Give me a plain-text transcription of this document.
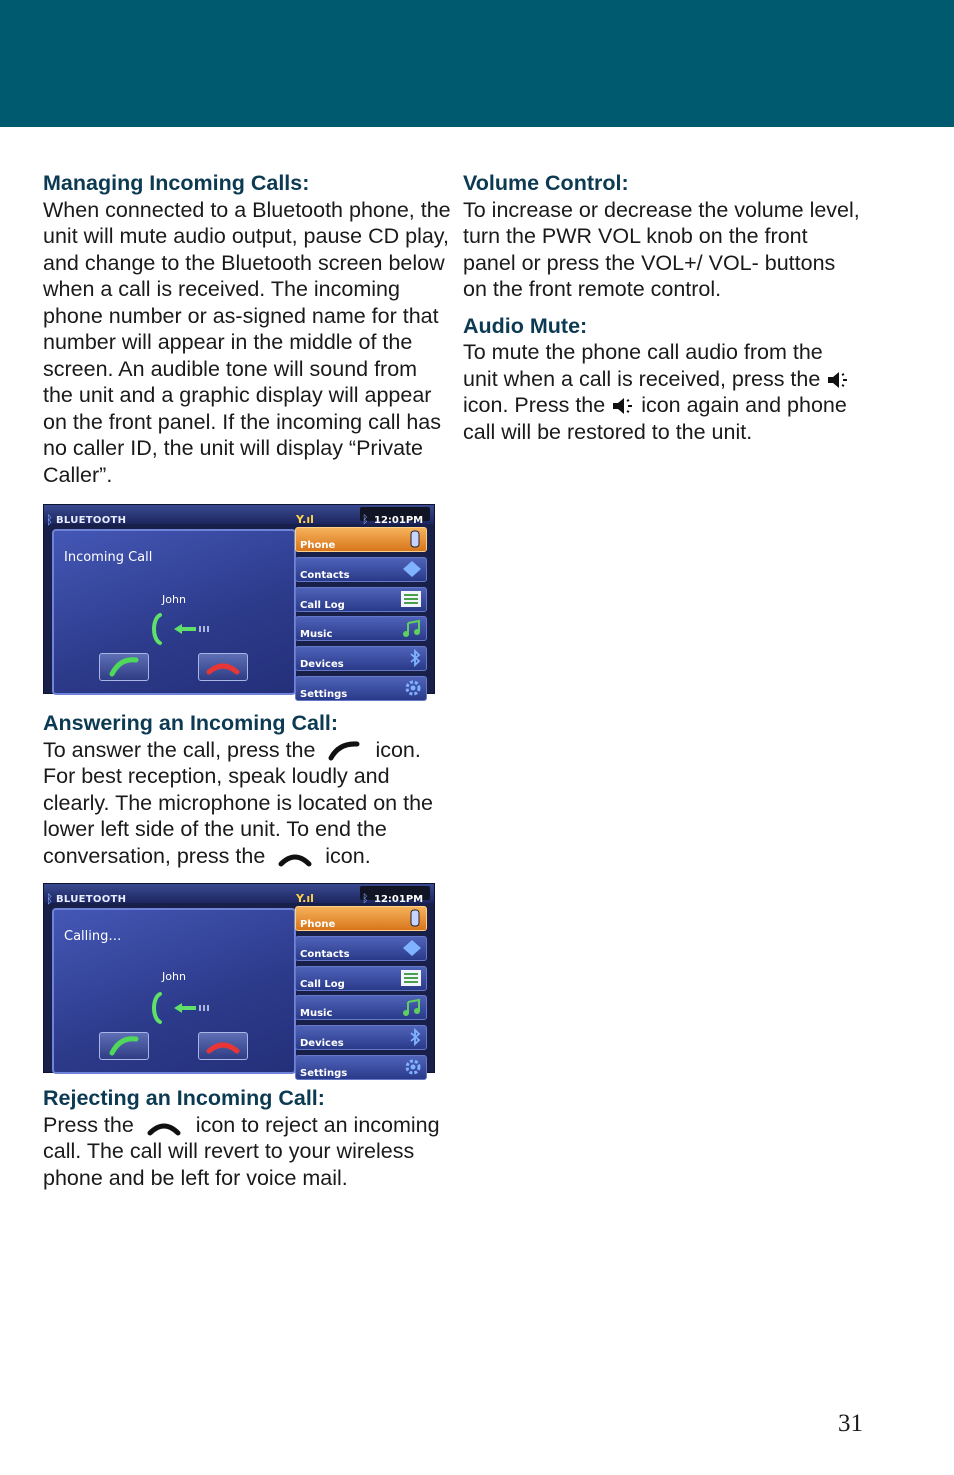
Managing Incoming Calls:

When connected to a Bluetooth phone, the unit will mute audio output, pause CD play, and change to the Bluetooth screen below when a call is received. The incoming phone number or as-signed name for that number will appear in the middle of the screen. An audible tone will sound from the unit and a graphic display will appear on the front panel. If the incoming call has no caller ID, the unit will display “Private Caller”.

ᛒ BLUETOOTH	Y.ıl	ᛒ 12:01PM
Incoming Call
John
Phone
Contacts
Call Log
Music
Devices
Settings
Answering an Incoming Call:

To answer the call, press the	icon. For best reception, speak loudly and clearly. The microphone is located on the lower left side of the unit. To end the conversation, press the	icon.

ᛒ BLUETOOTH	Y.ıl	ᛒ 12:01PM
Calling…
John
Phone
Contacts
Call Log
Music
Devices
Settings
Rejecting an Incoming Call:

Press the	icon to reject an incoming call. The call will revert to your wireless phone and be left for voice mail.

Volume Control:

To increase or decrease the volume level, turn the PWR VOL knob on the front panel or press the VOL+/ VOL- buttons on the front remote control.

Audio Mute:

To mute the phone call audio from the unit when a call is received, press the  icon. Press the icon again and phone call will be restored to the unit.

31
